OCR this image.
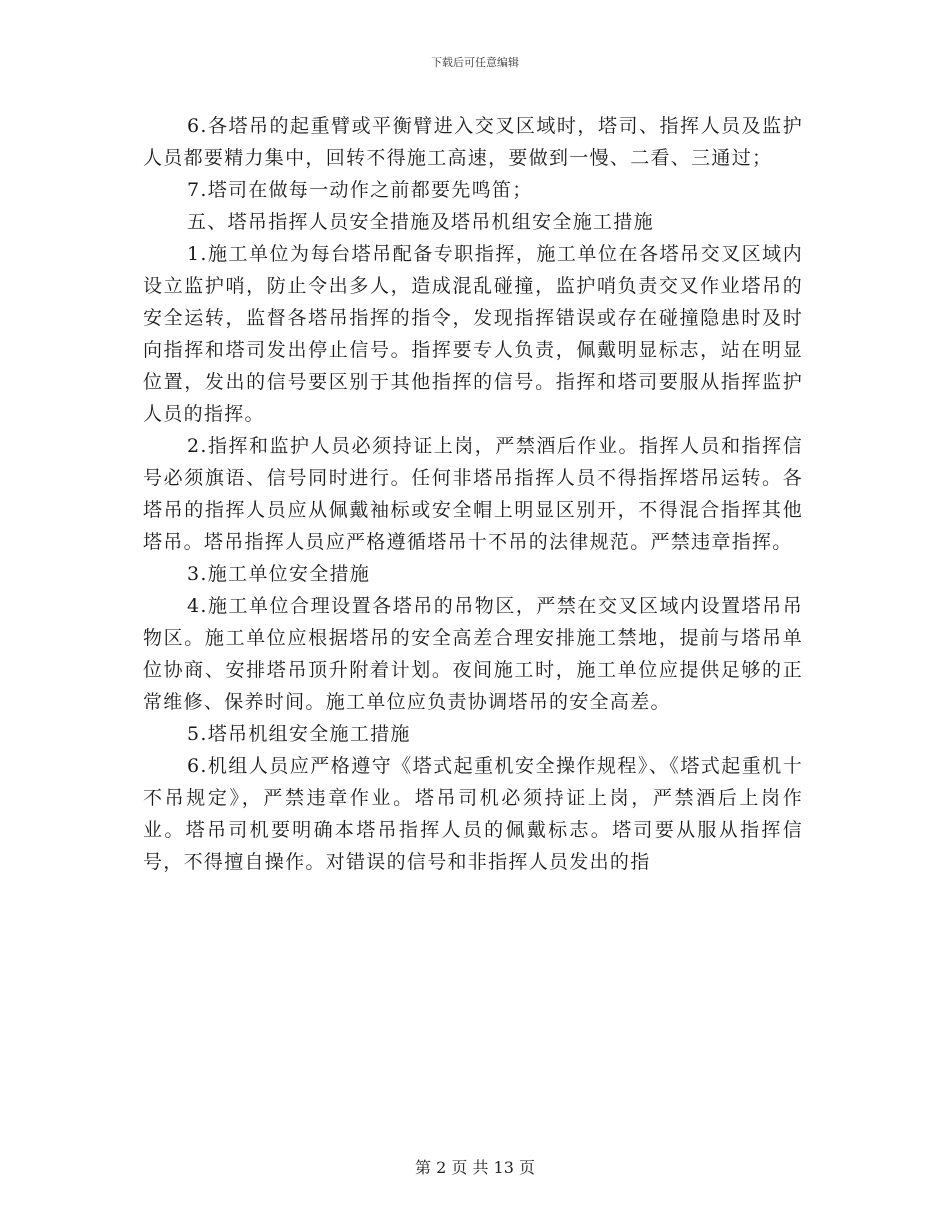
下载后可任意编辑

6.各塔吊的起重臂或平衡臂进入交叉区域时，塔司、指挥人员及监护人员都要精力集中，回转不得施工高速，要做到一慢、二看、三通过；

7.塔司在做每一动作之前都要先鸣笛；

五、塔吊指挥人员安全措施及塔吊机组安全施工措施

1.施工单位为每台塔吊配备专职指挥，施工单位在各塔吊交叉区域内设立监护哨，防止令出多人，造成混乱碰撞，监护哨负责交叉作业塔吊的安全运转，监督各塔吊指挥的指令，发现指挥错误或存在碰撞隐患时及时向指挥和塔司发出停止信号。指挥要专人负责，佩戴明显标志，站在明显位置，发出的信号要区别于其他指挥的信号。指挥和塔司要服从指挥监护人员的指挥。

2.指挥和监护人员必须持证上岗，严禁酒后作业。指挥人员和指挥信号必须旗语、信号同时进行。任何非塔吊指挥人员不得指挥塔吊运转。各塔吊的指挥人员应从佩戴袖标或安全帽上明显区别开，不得混合指挥其他塔吊。塔吊指挥人员应严格遵循塔吊十不吊的法律规范。严禁违章指挥。

3.施工单位安全措施

4.施工单位合理设置各塔吊的吊物区，严禁在交叉区域内设置塔吊吊物区。施工单位应根据塔吊的安全高差合理安排施工禁地，提前与塔吊单位协商、安排塔吊顶升附着计划。夜间施工时，施工单位应提供足够的正常维修、保养时间。施工单位应负责协调塔吊的安全高差。

5.塔吊机组安全施工措施

6.机组人员应严格遵守《塔式起重机安全操作规程》、《塔式起重机十不吊规定》，严禁违章作业。塔吊司机必须持证上岗，严禁酒后上岗作业。塔吊司机要明确本塔吊指挥人员的佩戴标志。塔司要从服从指挥信号，不得擅自操作。对错误的信号和非指挥人员发出的指

第 2 页 共 13 页
